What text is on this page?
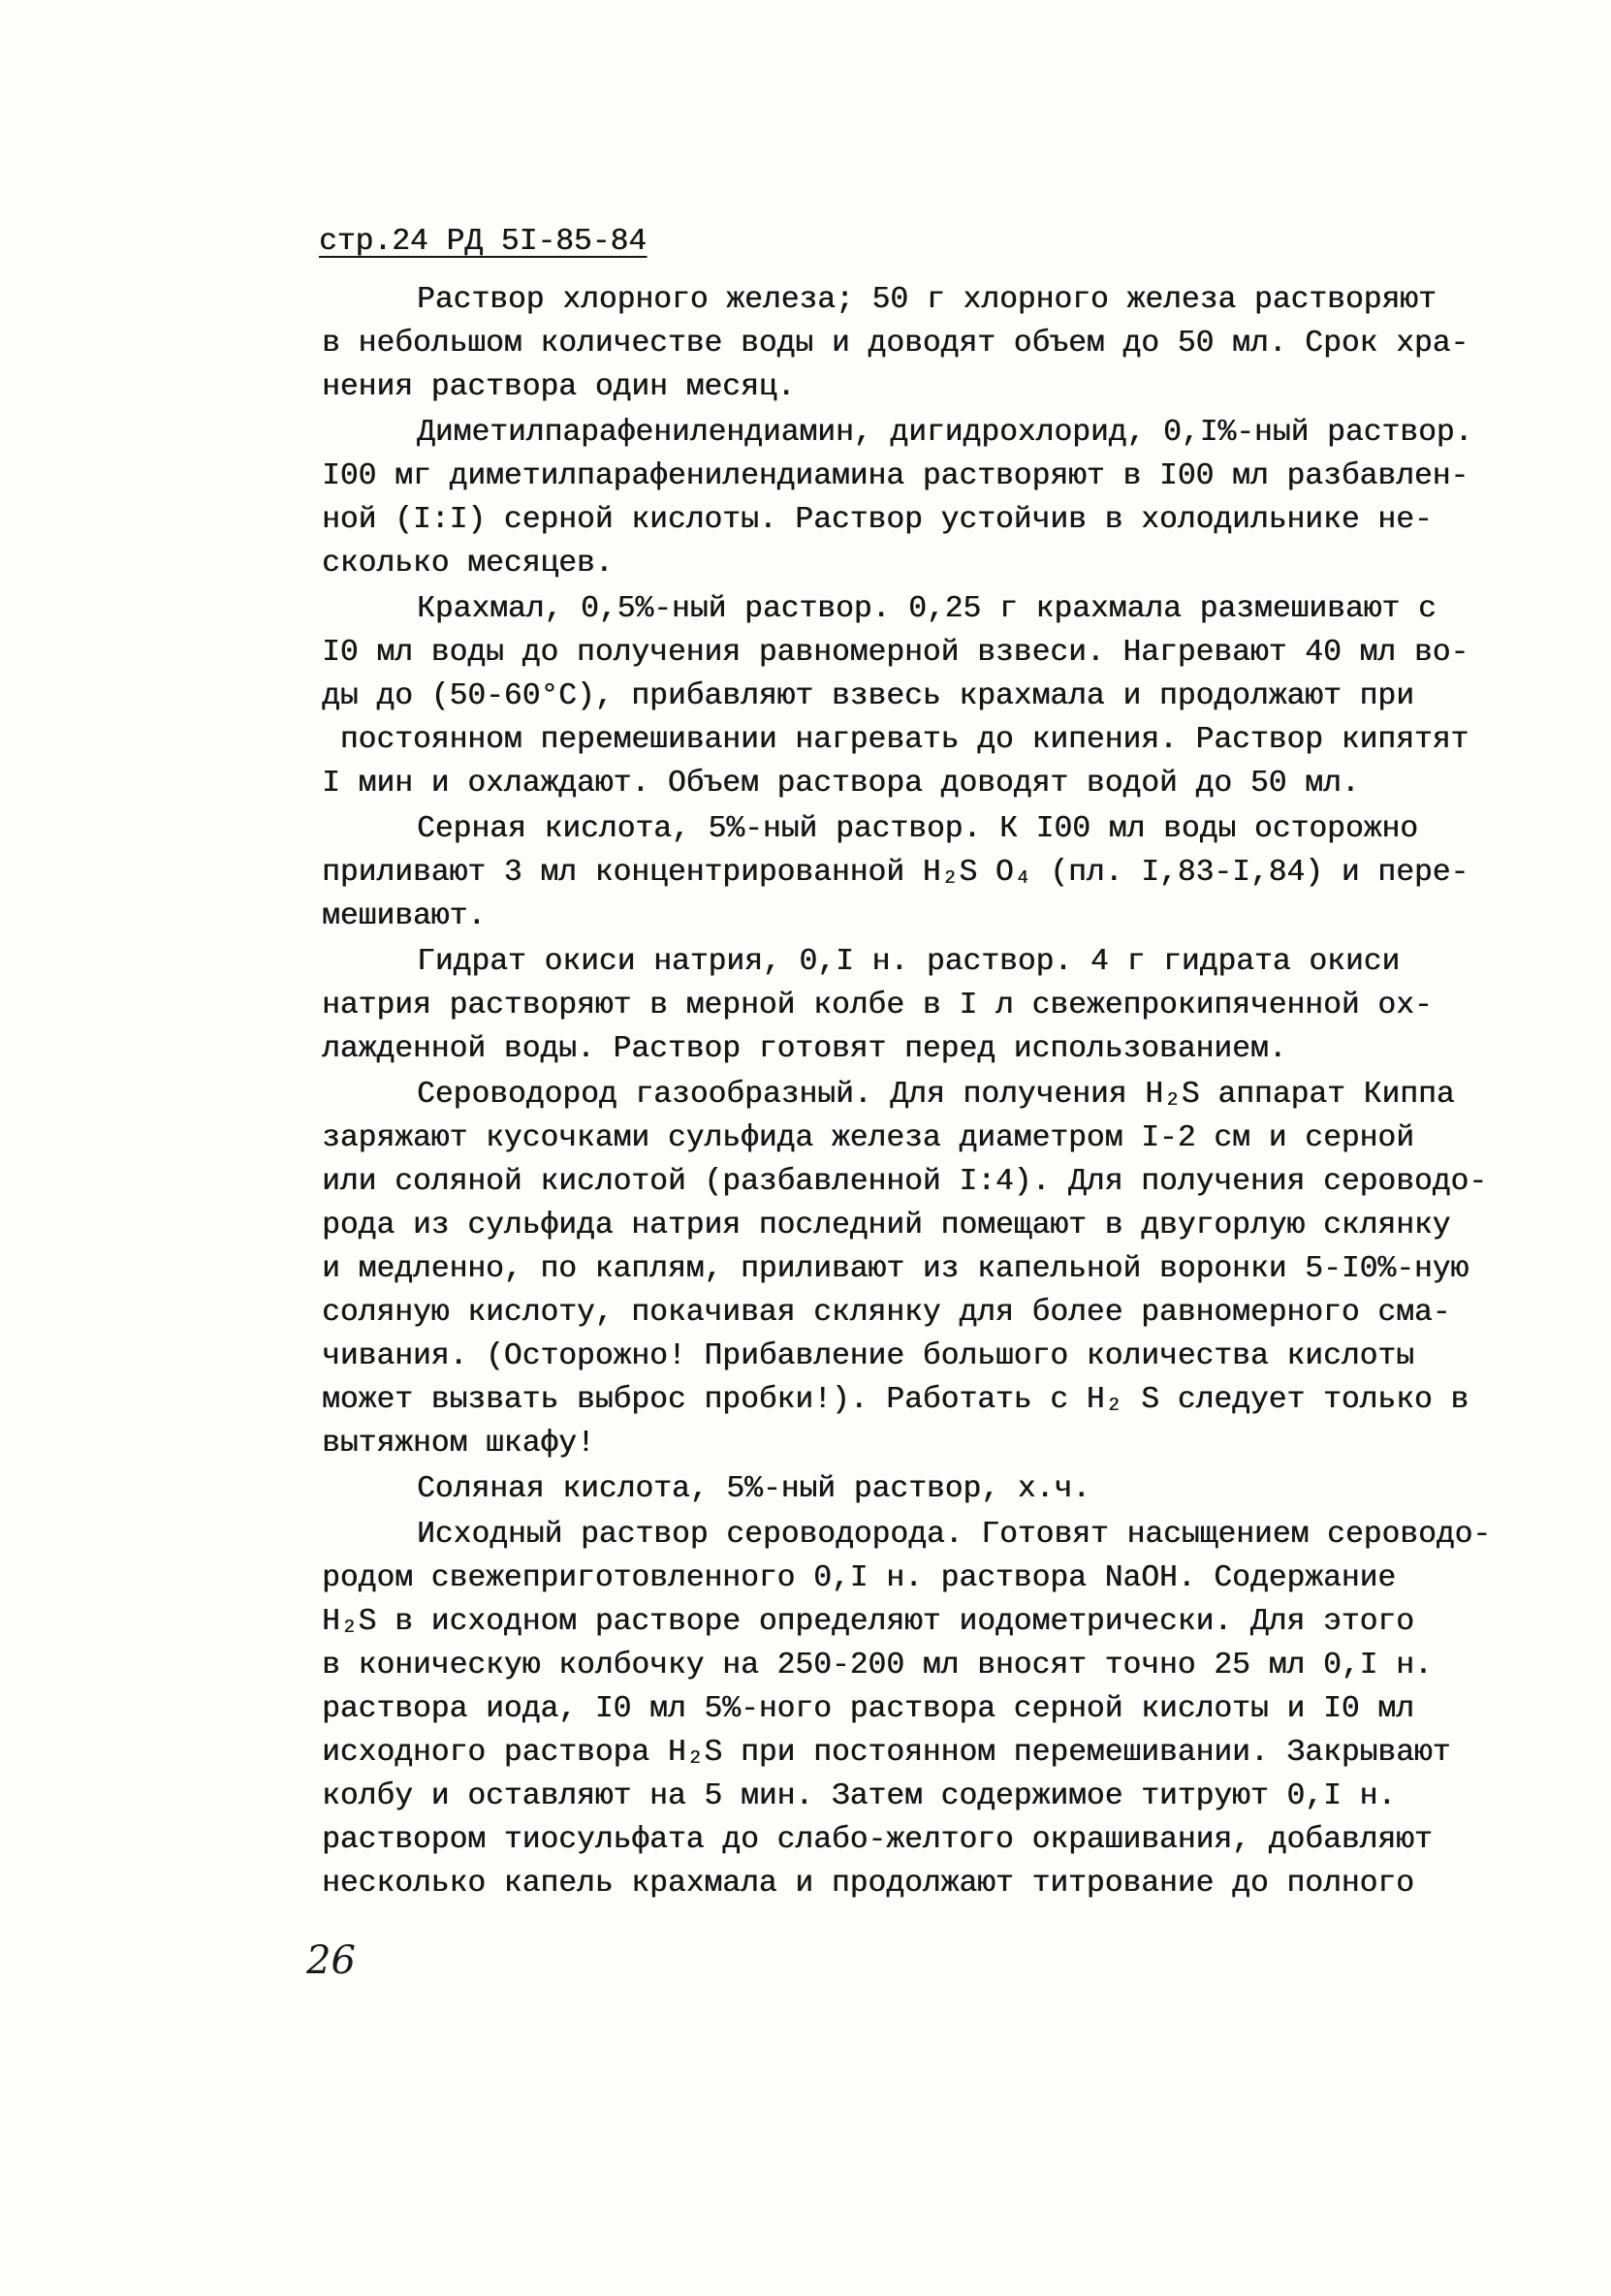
стр.24 РД 5I-85-84
Раствор хлорного железа; 50 г хлорного железа растворяют
в небольшом количестве воды и доводят объем до 50 мл. Срок хра-
нения раствора один месяц.
Диметилпарафенилендиамин, дигидрохлорид, 0,I%-ный раствор.
I00 мг диметилпарафенилендиамина растворяют в I00 мл разбавлен-
ной (I:I) серной кислоты. Раствор устойчив в холодильнике не-
сколько месяцев.
Крахмал, 0,5%-ный раствор. 0,25 г крахмала размешивают с
I0 мл воды до получения равномерной взвеси. Нагревают 40 мл во-
ды до (50-60°С), прибавляют взвесь крахмала и продолжают при
постоянном перемешивании нагревать до кипения. Раствор кипятят
I мин и охлаждают. Объем раствора доводят водой до 50 мл.
Серная кислота, 5%-ный раствор. К I00 мл воды осторожно
приливают 3 мл концентрированной H₂S O₄ (пл. I,83-I,84) и пере-
мешивают.
Гидрат окиси натрия, 0,I н. раствор. 4 г гидрата окиси
натрия растворяют в мерной колбе в I л свежепрокипяченной ох-
лажденной воды. Раствор готовят перед использованием.
Сероводород газообразный. Для получения H₂S аппарат Киппа
заряжают кусочками сульфида железа диаметром I-2 см и серной
или соляной кислотой (разбавленной I:4). Для получения сероводо-
рода из сульфида натрия последний помещают в двугорлую склянку
и медленно, по каплям, приливают из капельной воронки 5-I0%-ную
соляную кислоту, покачивая склянку для более равномерного сма-
чивания. (Осторожно! Прибавление большого количества кислоты
может вызвать выброс пробки!). Работать с H₂ S следует только в
вытяжном шкафу!
Соляная кислота, 5%-ный раствор, х.ч.
Исходный раствор сероводорода. Готовят насыщением сероводо-
родом свежеприготовленного 0,I н. раствора NaOH. Содержание
H₂S в исходном растворе определяют иодометрически. Для этого
в коническую колбочку на 250-200 мл вносят точно 25 мл 0,I н.
раствора иода, I0 мл 5%-ного раствора серной кислоты и I0 мл
исходного раствора H₂S при постоянном перемешивании. Закрывают
колбу и оставляют на 5 мин. Затем содержимое титруют 0,I н.
раствором тиосульфата до слабо-желтого окрашивания, добавляют
несколько капель крахмала и продолжают титрование до полного
26
